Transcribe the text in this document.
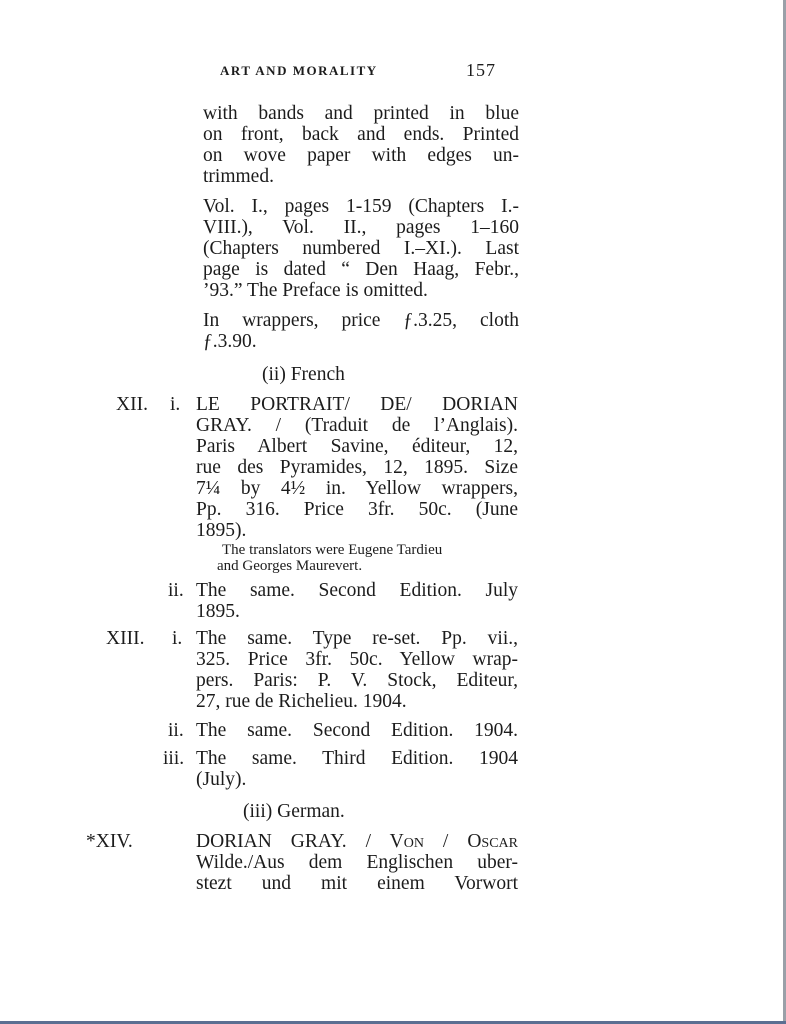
ART AND MORALITY	157
with bands and printed in blue
on front, back and ends. Printed
on wove paper with edges un-
trimmed.
Vol. I., pages 1-159 (Chapters I.-
VIII.), Vol. II., pages 1–160
(Chapters numbered I.–XI.). Last
page is dated “ Den Haag, Febr.,
’93.” The Preface is omitted.
In wrappers, price ƒ.3.25, cloth
ƒ.3.90.
(ii) French
XII. i. LE PORTRAIT/ DE/ DORIAN
GRAY. / (Traduit de l’Anglais).
Paris Albert Savine, éditeur, 12,
rue des Pyramides, 12, 1895. Size
7¼ by 4½ in. Yellow wrappers,
Pp. 316. Price 3fr. 50c. (June
1895).
The translators were Eugene Tardieu
and Georges Maurevert.
ii. The same. Second Edition. July
1895.
XIII. i. The same. Type re-set. Pp. vii.,
325. Price 3fr. 50c. Yellow wrap-
pers. Paris: P. V. Stock, Editeur,
27, rue de Richelieu. 1904.
ii. The same. Second Edition. 1904.
iii. The same. Third Edition. 1904
(July).
(iii) German.
*XIV.	DORIAN GRAY. / Von / Oscar
Wilde./Aus dem Englischen uber-
stezt und mit einem Vorwort
